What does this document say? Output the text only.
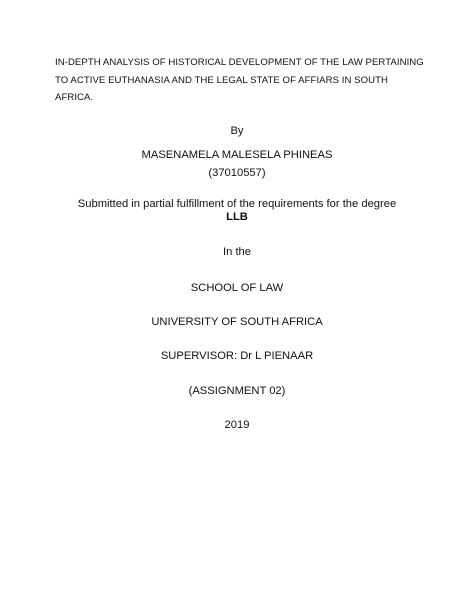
IN-DEPTH ANALYSIS OF HISTORICAL DEVELOPMENT OF THE LAW PERTAINING TO ACTIVE EUTHANASIA AND THE LEGAL STATE OF AFFIARS IN SOUTH AFRICA.
By
MASENAMELA MALESELA PHINEAS
(37010557)
Submitted in partial fulfillment of the requirements for the degree
LLB
In the
SCHOOL OF LAW
UNIVERSITY OF SOUTH AFRICA
SUPERVISOR: Dr L PIENAAR
(ASSIGNMENT 02)
2019
